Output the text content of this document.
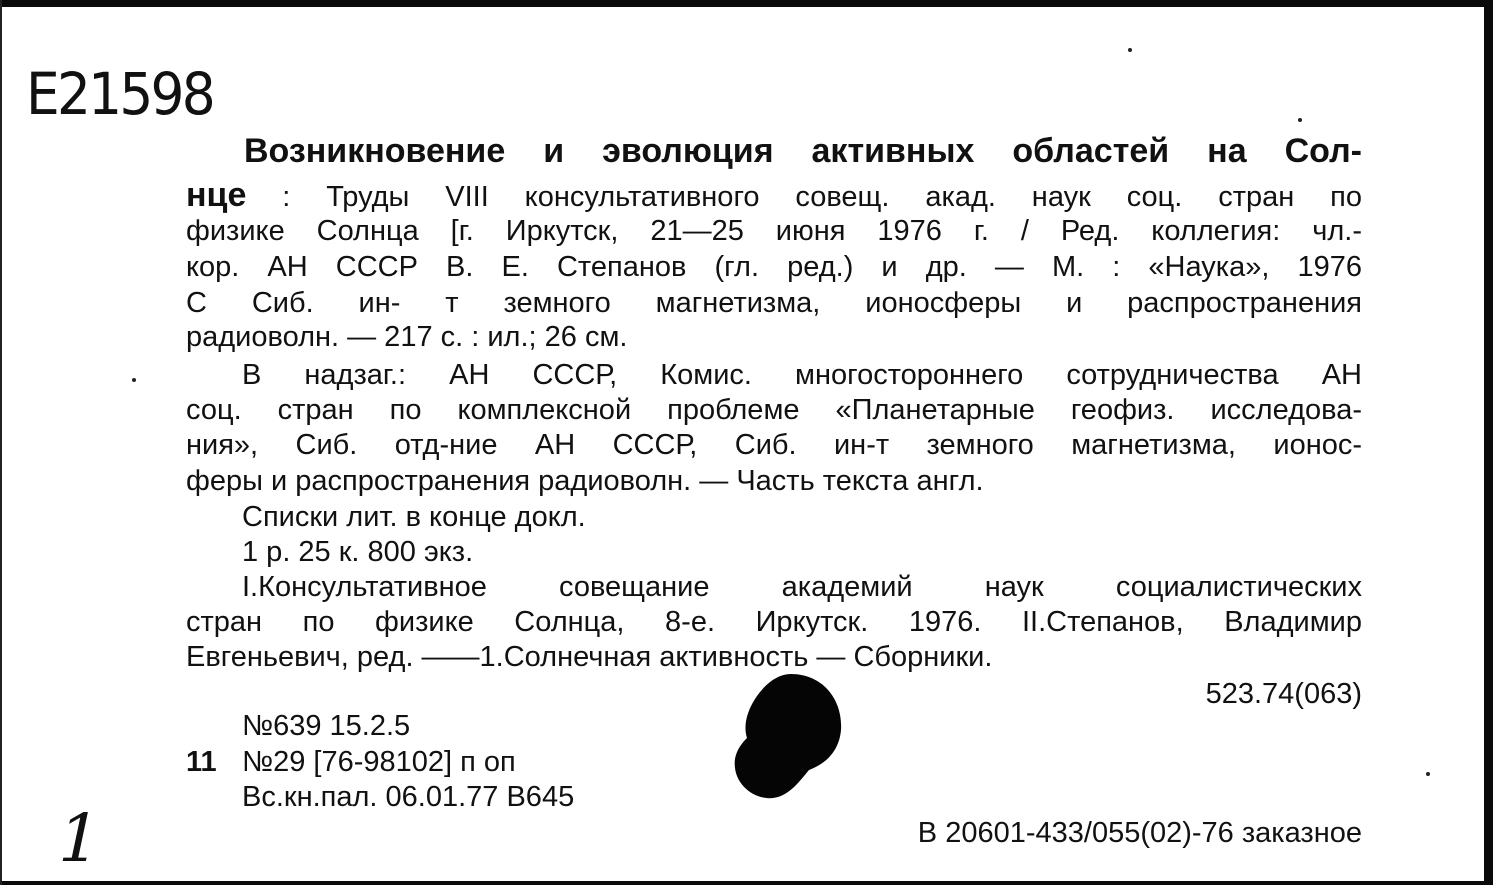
E21598
Возникновение и эволюция активных областей на Сол-
нце : Труды VIII консультативного совещ. акад. наук соц. стран по
физике Солнца [г. Иркутск, 21—25 июня 1976 г. / Ред. коллегия: чл.-
кор. АН СССР В. Е. Степанов (гл. ред.) и др. — М. : «Наука», 1976
С Сиб. ин- т земного магнетизма, ионосферы и распространения
радиоволн. — 217 с. : ил.; 26 см.
В надзаг.: АН СССР, Комис. многостороннего сотрудничества АН
соц. стран по комплексной проблеме «Планетарные геофиз. исследова-
ния», Сиб. отд-ние АН СССР, Сиб. ин-т земного магнетизма, ионос-
феры и распространения радиоволн. — Часть текста англ.
Списки лит. в конце докл.
1 р. 25 к. 800 экз.
I.Консультативное совещание академий наук социалистических
стран по физике Солнца, 8-е. Иркутск. 1976. II.Степанов, Владимир
Евгеньевич, ред. ——1.Солнечная активность — Сборники.
523.74(063)
№639 15.2.5
11 №29 [76-98102] п оп
Вс.кн.пал. 06.01.77 В645
В 20601-433/055(02)-76 заказное
1
